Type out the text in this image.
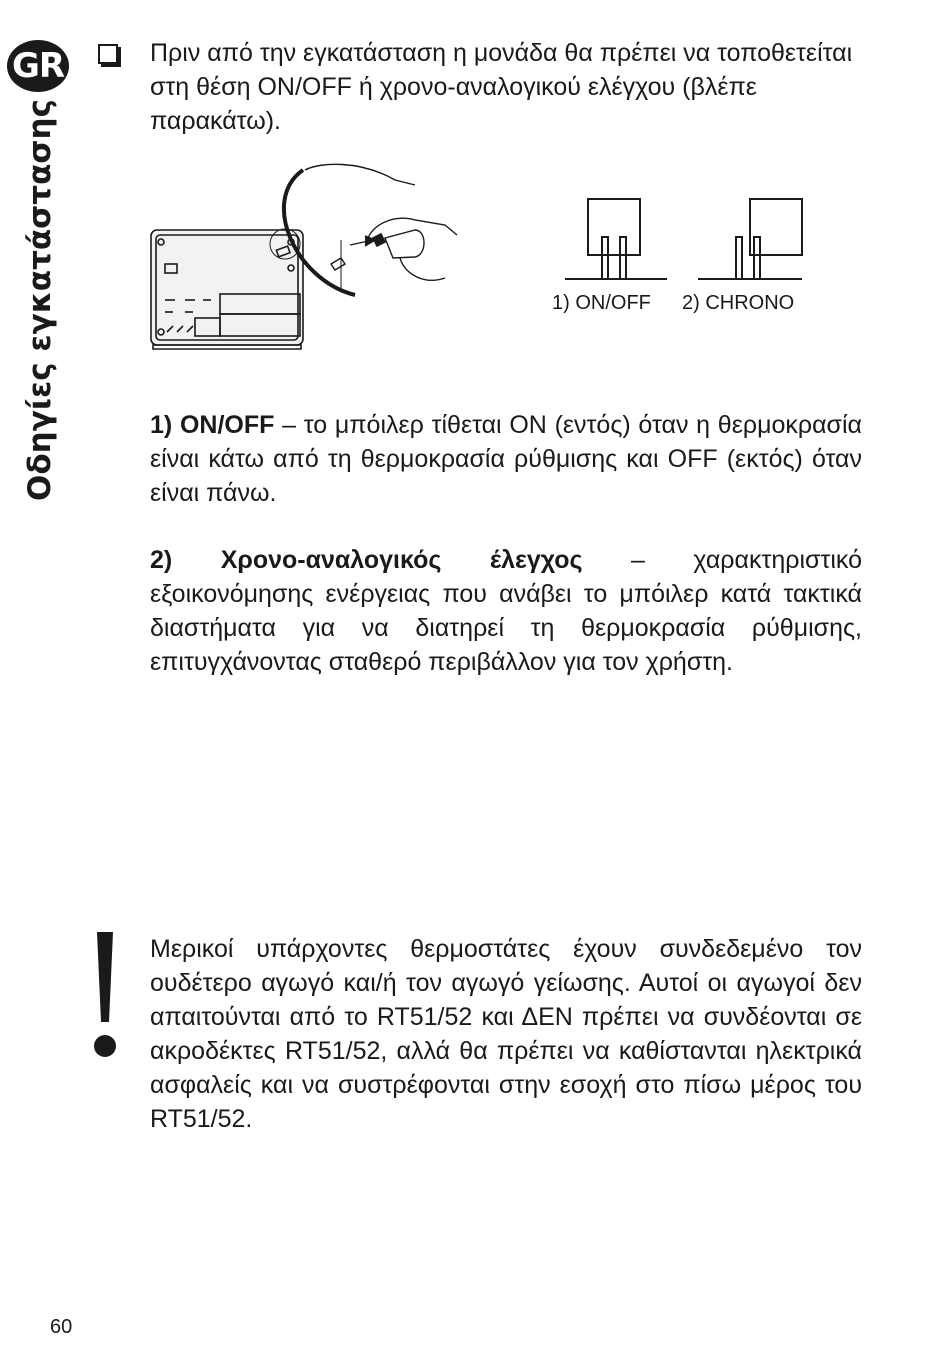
GR
Οδηγίες εγκατάστασης
Πριν από την εγκατάσταση η μονάδα θα πρέπει να τοποθετείται στη θέση ON/OFF ή χρονο-αναλογικού ελέγχου (βλέπε παρακάτω).
1) ON/OFF 2) CHRONO
1) ON/OFF – το μπόιλερ τίθεται ON (εντός) όταν η θερμοκρασία είναι κάτω από τη θερμοκρασία ρύθμισης και OFF (εκτός) όταν είναι πάνω.
2) Χρονο-αναλογικός έλεγχος – χαρακτηριστικό εξοικονόμησης ενέργειας που ανάβει το μπόιλερ κατά τακτικά διαστήματα για να διατηρεί τη θερμοκρασία ρύθμισης, επιτυγχάνοντας σταθερό περιβάλλον για τον χρήστη.
Μερικοί υπάρχοντες θερμοστάτες έχουν συνδεδεμένο τον ουδέτερο αγωγό και/ή τον αγωγό γείωσης. Αυτοί οι αγωγοί δεν απαιτούνται από το RT51/52 και ΔΕΝ πρέπει να συνδέονται σε ακροδέκτες RT51/52, αλλά θα πρέπει να καθίστανται ηλεκτρικά ασφαλείς και να συστρέφονται στην εσοχή στο πίσω μέρος του RT51/52.
60
